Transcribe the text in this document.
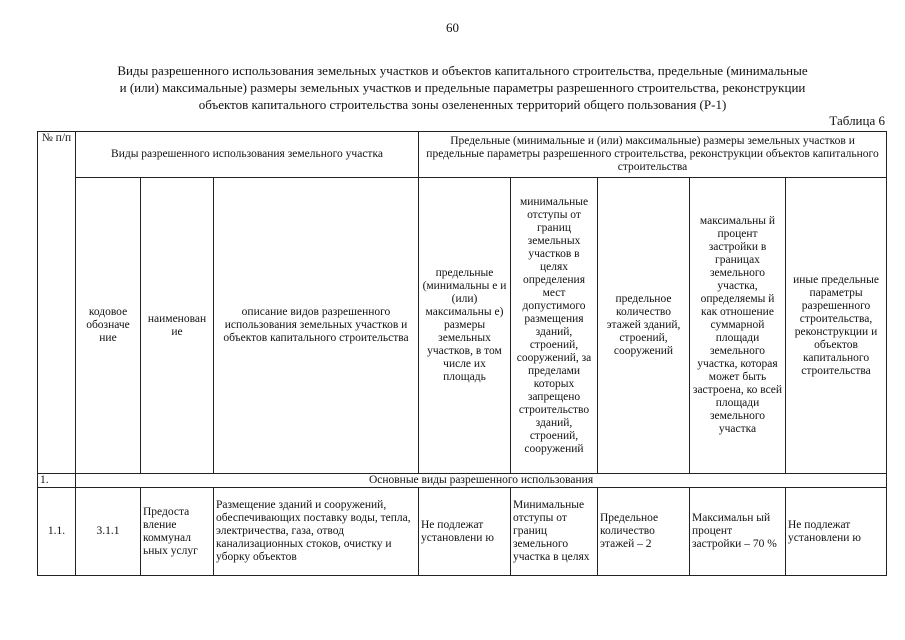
60
Виды разрешенного использования земельных участков и объектов капитального строительства, предельные (минимальные
и (или) максимальные) размеры земельных участков и предельные параметры разрешенного строительства, реконструкции
объектов капитального строительства зоны озелененных территорий общего пользования (Р-1)
Таблица 6
№ п/п	Виды разрешенного использования земельного участка			Предельные (минимальные и (или) максимальные) размеры земельных участков и предельные параметры разрешенного строительства, реконструкции объектов капитального строительства				
	кодовое обозначе ние	наименован ие	описание видов разрешенного использования земельных участков и объектов капитального строительства	предельные (минимальны е и (или) максимальны е) размеры земельных участков, в том числе их площадь	минимальные отступы от границ земельных участков в целях определения мест допустимого размещения зданий, строений, сооружений, за пределами которых запрещено строительство зданий, строений, сооружений	предельное количество этажей зданий, строений, сооружений	максимальны й процент застройки в границах земельного участка, определяемы й как отношение суммарной площади земельного участка, которая может быть застроена, ко всей площади земельного участка	иные предельные параметры разрешенного строительства, реконструкции и объектов капитального строительства
1.	Основные виды разрешенного использования							
1.1.	3.1.1	Предоста вление коммунал ьных услуг	Размещение зданий и сооружений, обеспечивающих поставку воды, тепла, электричества, газа, отвод канализационных стоков, очистку и уборку объектов	Не подлежат установлени ю	Минимальные отступы от границ земельного участка в целях	Предельное количество этажей – 2	Максимальн ый процент застройки – 70 %	Не подлежат установлени ю
